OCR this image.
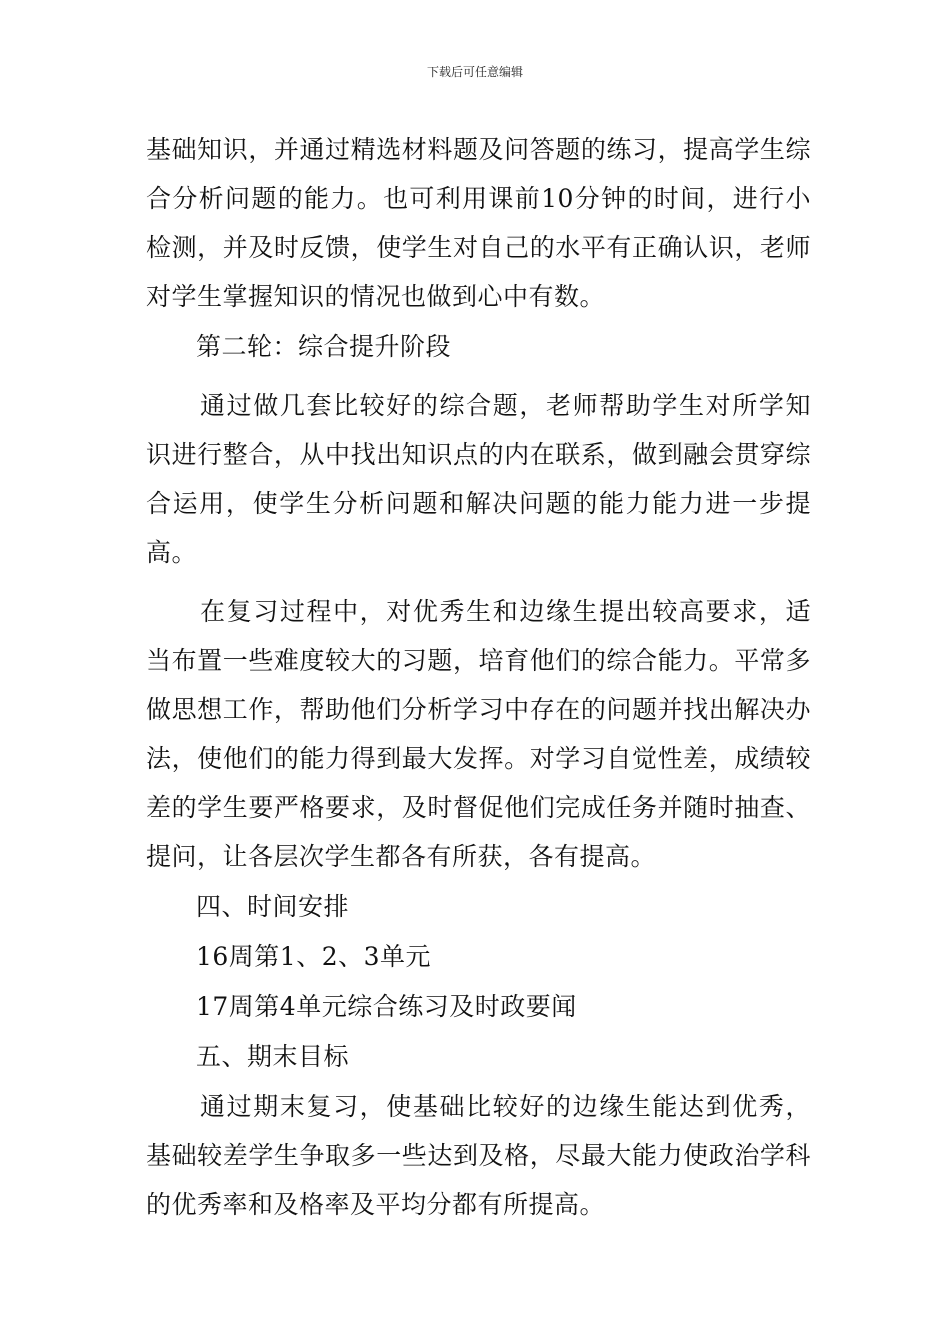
下载后可任意编辑

基础知识，并通过精选材料题及问答题的练习，提高学生综合分析问题的能力。也可利用课前10分钟的时间，进行小检测，并及时反馈，使学生对自己的水平有正确认识，老师对学生掌握知识的情况也做到心中有数。

第二轮：综合提升阶段

通过做几套比较好的综合题，老师帮助学生对所学知识进行整合，从中找出知识点的内在联系，做到融会贯穿综合运用，使学生分析问题和解决问题的能力能力进一步提高。

在复习过程中，对优秀生和边缘生提出较高要求，适当布置一些难度较大的习题，培育他们的综合能力。平常多做思想工作，帮助他们分析学习中存在的问题并找出解决办法，使他们的能力得到最大发挥。对学习自觉性差，成绩较差的学生要严格要求，及时督促他们完成任务并随时抽查、提问，让各层次学生都各有所获，各有提高。

四、时间安排

16周第1、2、3单元

17周第4单元综合练习及时政要闻

五、期末目标

通过期末复习，使基础比较好的边缘生能达到优秀，基础较差学生争取多一些达到及格，尽最大能力使政治学科的优秀率和及格率及平均分都有所提高。
